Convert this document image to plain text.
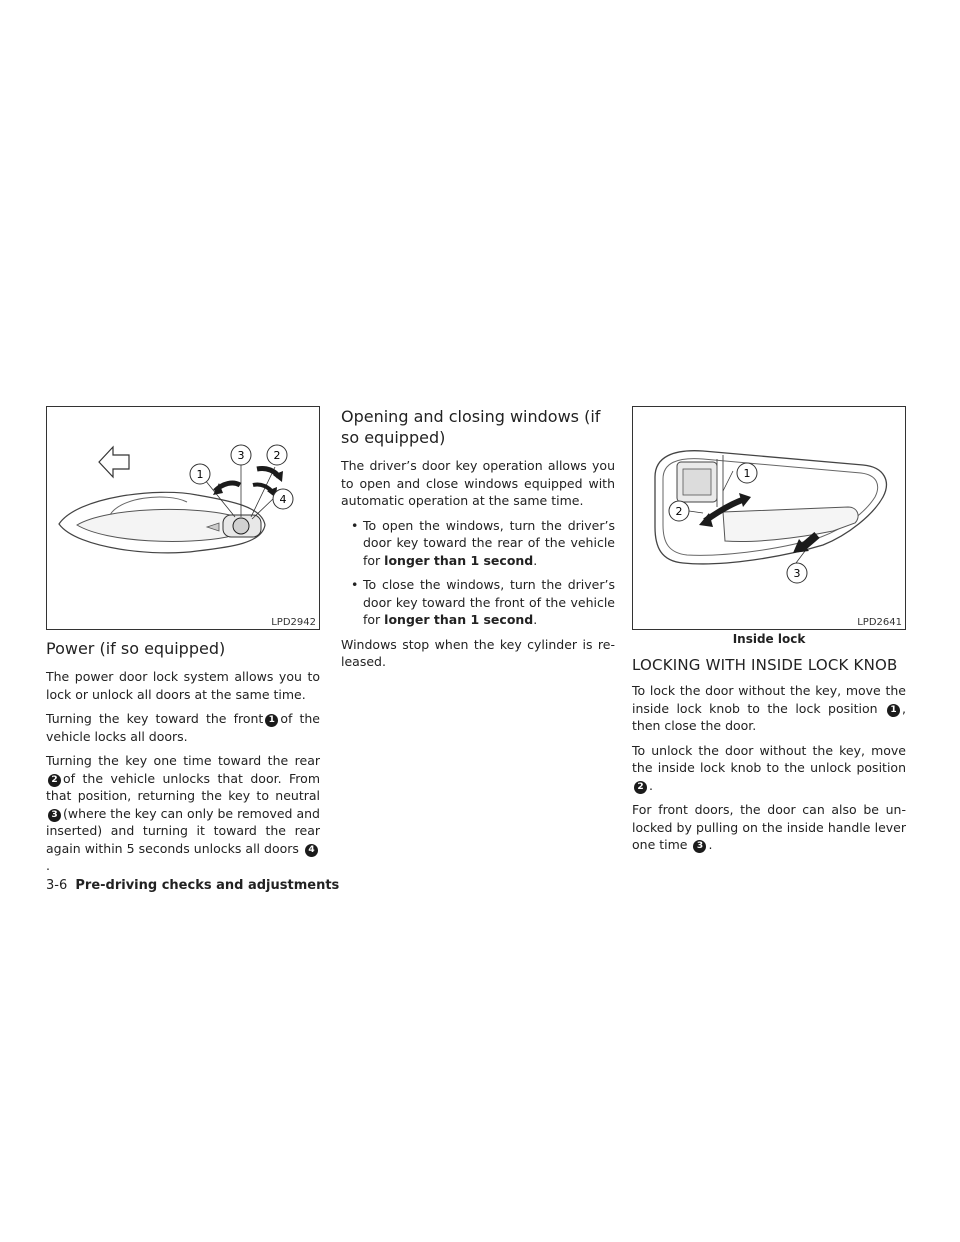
1
3	2
4
LPD2942
Power (if so equipped)

The power door lock system allows you to lock or unlock all doors at the same time.

Turning the key toward the front 1 of the vehicle locks all doors.

Turning the key one time toward the rear 2 of the vehicle unlocks that door. From that position, returning the key to neutral 3 (where the key can only be removed and inserted) and turning it toward the rear again within 5 seconds unlocks all doors 4.

Opening and closing windows (if so equipped)

The driver’s door key operation allows you to open and close windows equipped with automatic operation at the same time.

• To open the windows, turn the driver’s door key toward the rear of the vehicle for longer than 1 second.
• To close the windows, turn the driver’s door key toward the front of the vehicle for longer than 1 second.

Windows stop when the key cylinder is re-leased.

1
2
3
LPD2641
Inside lock
LOCKING WITH INSIDE LOCK KNOB

To lock the door without the key, move the inside lock knob to the lock position 1 , then close the door.

To unlock the door without the key, move the inside lock knob to the unlock position 2 .

For front doors, the door can also be un-locked by pulling on the inside handle lever one time 3 .

3-6 Pre-driving checks and adjustments
